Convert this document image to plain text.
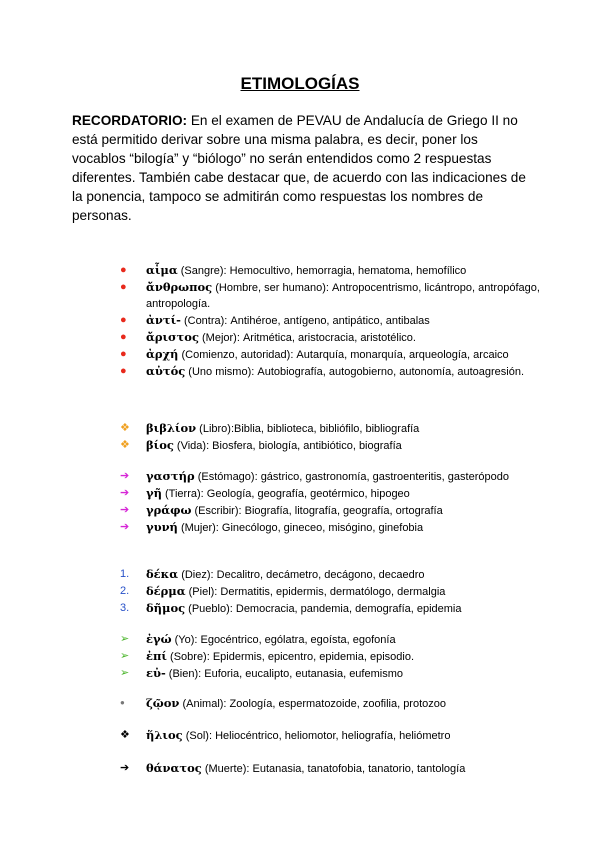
ETIMOLOGÍAS
RECORDATORIO: En el examen de PEVAU de Andalucía de Griego II no está permitido derivar sobre una misma palabra, es decir, poner los vocablos “bilogía” y “biólogo” no serán entendidos como 2 respuestas diferentes. También cabe destacar que, de acuerdo con las indicaciones de la ponencia, tampoco se admitirán como respuestas los nombres de personas.
●	αἷμα (Sangre): Hemocultivo, hemorragia, hematoma, hemofílico
●	ἄνθρωπος (Hombre, ser humano): Antropocentrismo, licántropo, antropófago, antropología.
●	ἀντί- (Contra): Antihéroe, antígeno, antipático, antibalas
●	ἄριστος (Mejor): Aritmética, aristocracia, aristotélico.
●	ἀρχή (Comienzo, autoridad): Autarquía, monarquía, arqueología, arcaico
●	αὐτός (Uno mismo): Autobiografía, autogobierno, autonomía, autoagresión.
❖	βιβλίον (Libro):Biblia, biblioteca, bibliófilo, bibliografía
❖	βίος (Vida): Biosfera, biología, antibiótico, biografía
➔	γαστήρ (Estómago): gástrico, gastronomía, gastroenteritis, gasterópodo
➔	γῆ (Tierra): Geología, geografía, geotérmico, hipogeo
➔	γράφω (Escribir): Biografía, litografía, geografía, ortografía
➔	γυνή (Mujer): Ginecólogo, gineceo, misógino, ginefobia
1.	δέκα (Diez): Decalitro, decámetro, decágono, decaedro
2.	δέρμα (Piel): Dermatitis, epidermis, dermatólogo, dermalgia
3.	δῆμος (Pueblo): Democracia, pandemia, demografía, epidemia
➢	ἐγώ (Yo): Egocéntrico, ególatra, egoísta, egofonía
➢	ἐπί (Sobre): Epidermis, epicentro, epidemia, episodio.
➢	εὐ- (Bien): Euforia, eucalipto, eutanasia, eufemismo
●	ζῷον (Animal): Zoología, espermatozoide, zoofilia, protozoo
❖	ἥλιος (Sol): Heliocéntrico, heliomotor, heliografía, heliómetro
➔	θάνατος (Muerte): Eutanasia, tanatofobia, tanatorio, tantología
